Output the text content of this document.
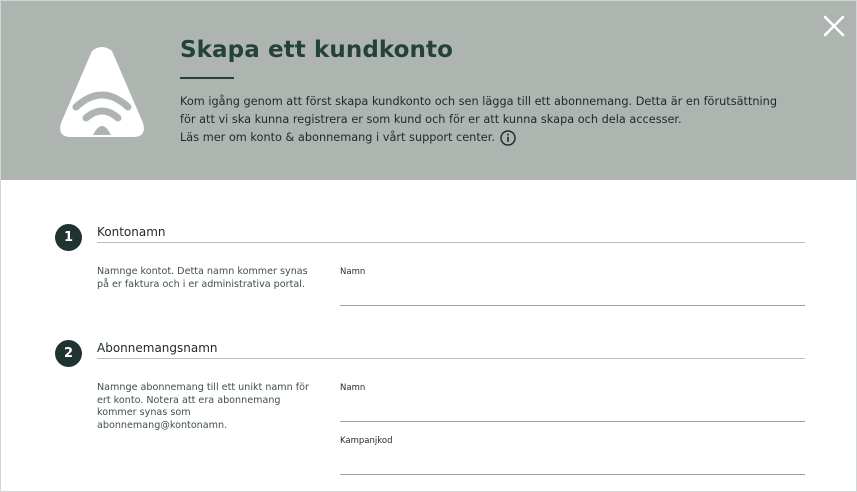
Skapa ett kundkonto

Kom igång genom att först skapa kundkonto och sen lägga till ett abonnemang. Detta är en förutsättning

för att vi ska kunna registrera er som kund och för er att kunna skapa och dela accesser.

Läs mer om konto & abonnemang i vårt support center.

1	Kontonamn

Namnge kontot. Detta namn kommer synas på er faktura och i er administrativa portal.

Namn
2	Abonnemangsnamn

Namnge abonnemang till ett unikt namn för ert konto. Notera att era abonnemang kommer synas som abonnemang@kontonamn.

Namn
Kampanjkod
